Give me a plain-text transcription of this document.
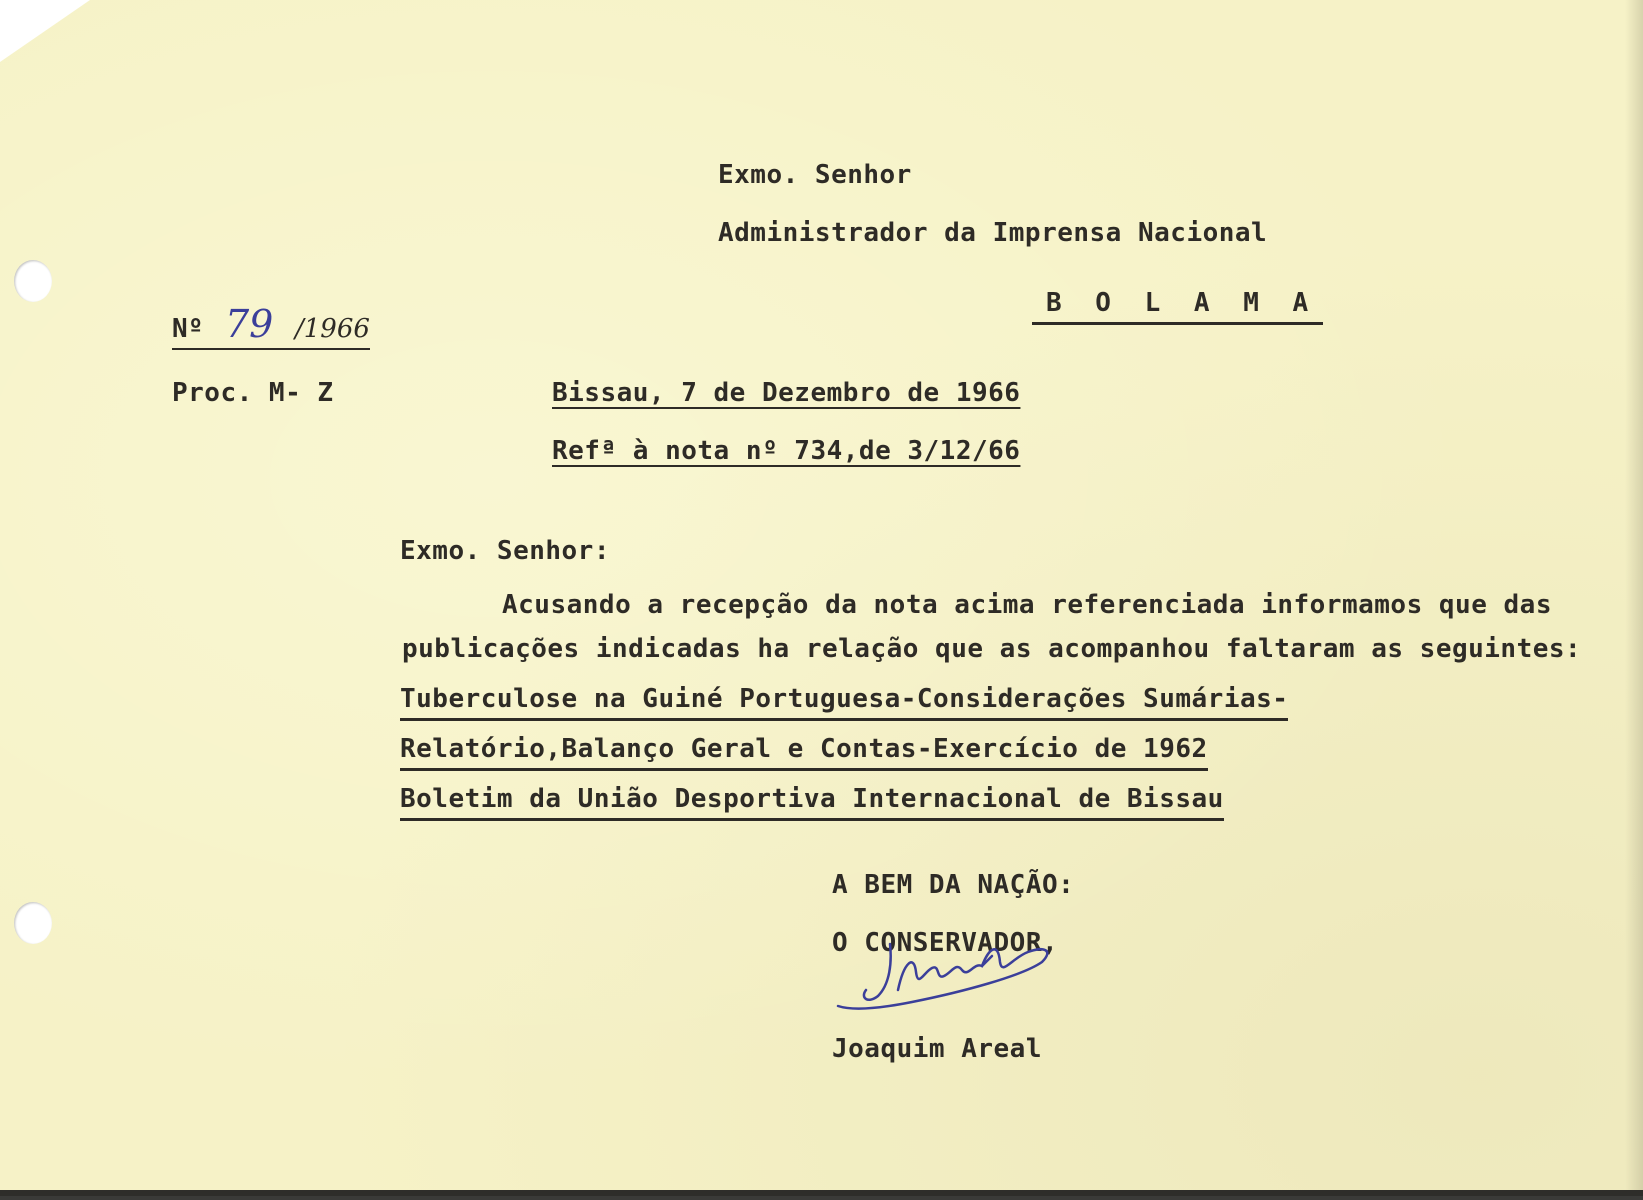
Exmo. Senhor
Administrador da Imprensa Nacional
B O L A M A
Nº 79 /1966
Proc. M- Z	Bissau, 7 de Dezembro de 1966
Refª à nota nº 734,de 3/12/66
Exmo. Senhor:
Acusando a recepção da nota acima referenciada informamos que das
publicações indicadas ha relação que as acompanhou faltaram as seguintes:
Tuberculose na Guiné Portuguesa-Considerações Sumárias-
Relatório,Balanço Geral e Contas-Exercício de 1962
Boletim da União Desportiva Internacional de Bissau
A BEM DA NAÇÃO:
O CONSERVADOR,
Joaquim Areal
